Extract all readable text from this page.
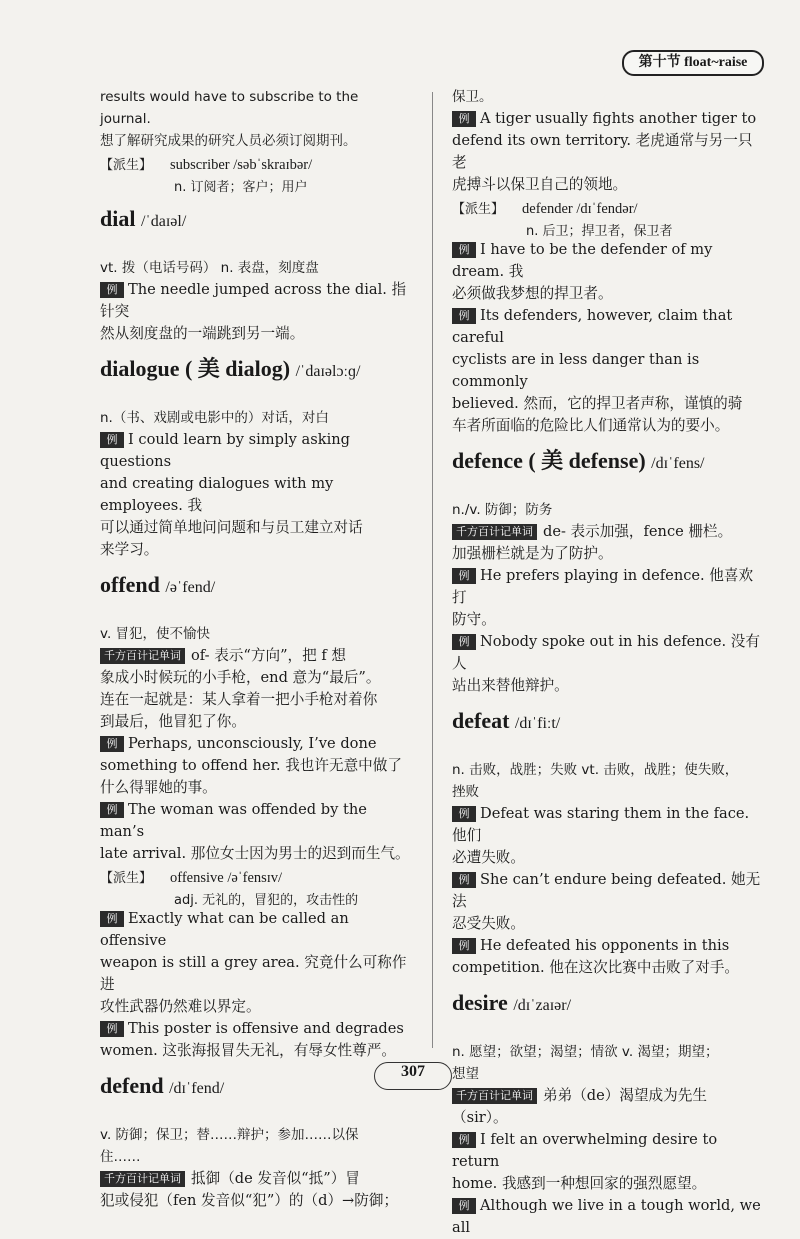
第十节 float~raise

results would have to subscribe to the journal.

想了解研究成果的研究人员必须订阅期刊。

【派生】 subscriber /səbˈskraɪbər/

n. 订阅者；客户；用户

dial /ˈdaɪəl/

vt. 拨（电话号码） n. 表盘，刻度盘

例 The needle jumped across the dial. 指针突

然从刻度盘的一端跳到另一端。

dialogue ( 美 dialog) /ˈdaɪəlɔːɡ/

n.（书、戏剧或电影中的）对话，对白

例 I could learn by simply asking questions

and creating dialogues with my employees. 我

可以通过简单地问问题和与员工建立对话

来学习。

offend /əˈfend/

v. 冒犯，使不愉快

千方百计记单词 of- 表示“方向”，把 f 想

象成小时候玩的小手枪，end 意为“最后”。

连在一起就是：某人拿着一把小手枪对着你

到最后，他冒犯了你。

例 Perhaps, unconsciously, I’ve done

something to offend her. 我也许无意中做了

什么得罪她的事。

例 The woman was offended by the man’s

late arrival. 那位女士因为男士的迟到而生气。

【派生】 offensive /əˈfensɪv/

adj. 无礼的，冒犯的，攻击性的

例 Exactly what can be called an offensive

weapon is still a grey area. 究竟什么可称作进

攻性武器仍然难以界定。

例 This poster is offensive and degrades

women. 这张海报冒失无礼，有辱女性尊严。

defend /dɪˈfend/

v. 防御；保卫；替……辩护；参加……以保

住……

千方百计记单词 抵御（de 发音似“抵”）冒

犯或侵犯（fen 发音似“犯”）的（d）→防御；

保卫。

例 A tiger usually fights another tiger to

defend its own territory. 老虎通常与另一只老

虎搏斗以保卫自己的领地。

【派生】 defender /dɪˈfendər/

n. 后卫；捍卫者，保卫者

例 I have to be the defender of my dream. 我

必须做我梦想的捍卫者。

例 Its defenders, however, claim that careful

cyclists are in less danger than is commonly

believed. 然而，它的捍卫者声称，谨慎的骑

车者所面临的危险比人们通常认为的要小。

defence ( 美 defense) /dɪˈfens/

n./v. 防御；防务

千方百计记单词 de- 表示加强，fence 栅栏。

加强栅栏就是为了防护。

例 He prefers playing in defence. 他喜欢打

防守。

例 Nobody spoke out in his defence. 没有人

站出来替他辩护。

defeat /dɪˈfiːt/

n. 击败，战胜；失败 vt. 击败，战胜；使失败，

挫败

例 Defeat was staring them in the face. 他们

必遭失败。

例 She can’t endure being defeated. 她无法

忍受失败。

例 He defeated his opponents in this

competition. 他在这次比赛中击败了对手。

desire /dɪˈzaɪər/

n. 愿望；欲望；渴望；情欲 v. 渴望；期望；

想望

千方百计记单词 弟弟（de）渴望成为先生

（sir）。

例 I felt an overwhelming desire to return

home. 我感到一种想回家的强烈愿望。

例 Although we live in a tough world, we all

307
